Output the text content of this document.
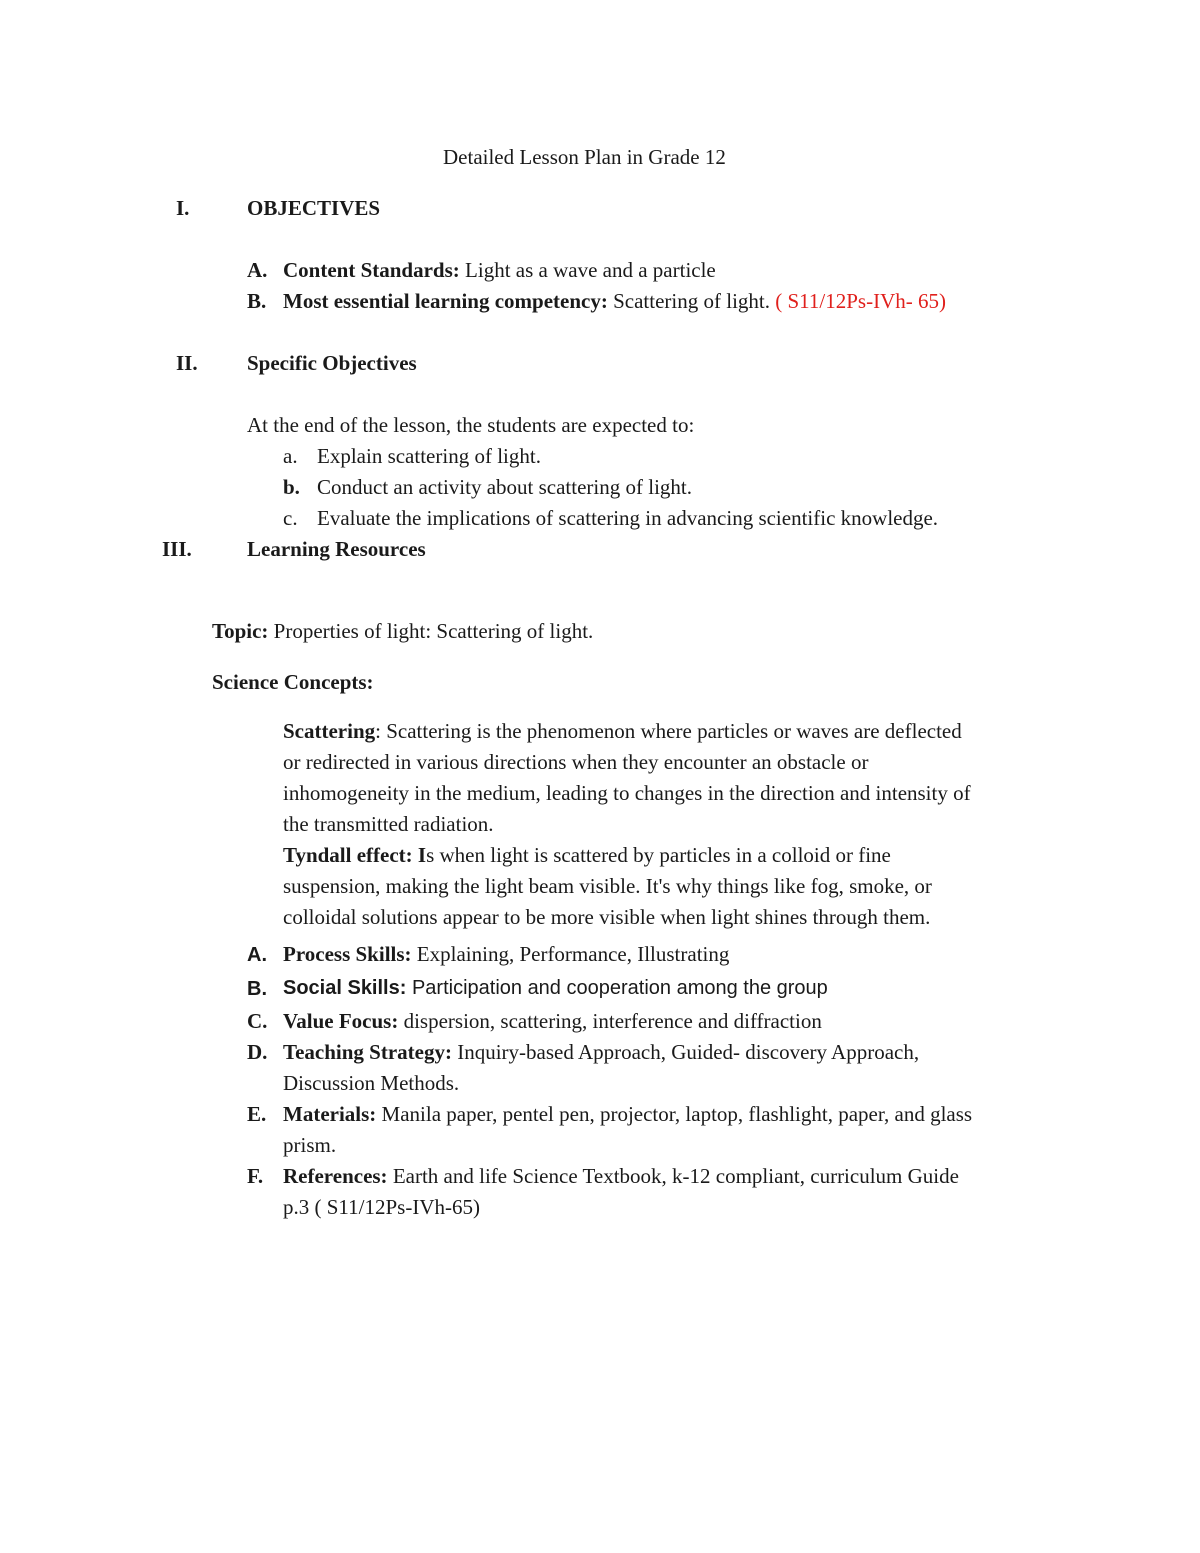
Detailed Lesson Plan in Grade 12
I.	OBJECTIVES
A. Content Standards: Light as a wave and a particle
B. Most essential learning competency: Scattering of light. ( S11/12Ps-IVh- 65)
II. Specific Objectives
At the end of the lesson, the students are expected to:
a. Explain scattering of light.
b. Conduct an activity about scattering of light.
c. Evaluate the implications of scattering in advancing scientific knowledge.
III.	Learning Resources
Topic: Properties of light: Scattering of light.
Science Concepts:
Scattering: Scattering is the phenomenon where particles or waves are deflected
or redirected in various directions when they encounter an obstacle or
inhomogeneity in the medium, leading to changes in the direction and intensity of
the transmitted radiation.
Tyndall effect: Is when light is scattered by particles in a colloid or fine
suspension, making the light beam visible. It's why things like fog, smoke, or
colloidal solutions appear to be more visible when light shines through them.
A. Process Skills: Explaining, Performance, Illustrating
B. Social Skills: Participation and cooperation among the group
C. Value Focus: dispersion, scattering, interference and diffraction
D. Teaching Strategy: Inquiry-based Approach, Guided- discovery Approach,
Discussion Methods.
E. Materials: Manila paper, pentel pen, projector, laptop, flashlight, paper, and glass
prism.
F. References: Earth and life Science Textbook, k-12 compliant, curriculum Guide
p.3 ( S11/12Ps-IVh-65)
